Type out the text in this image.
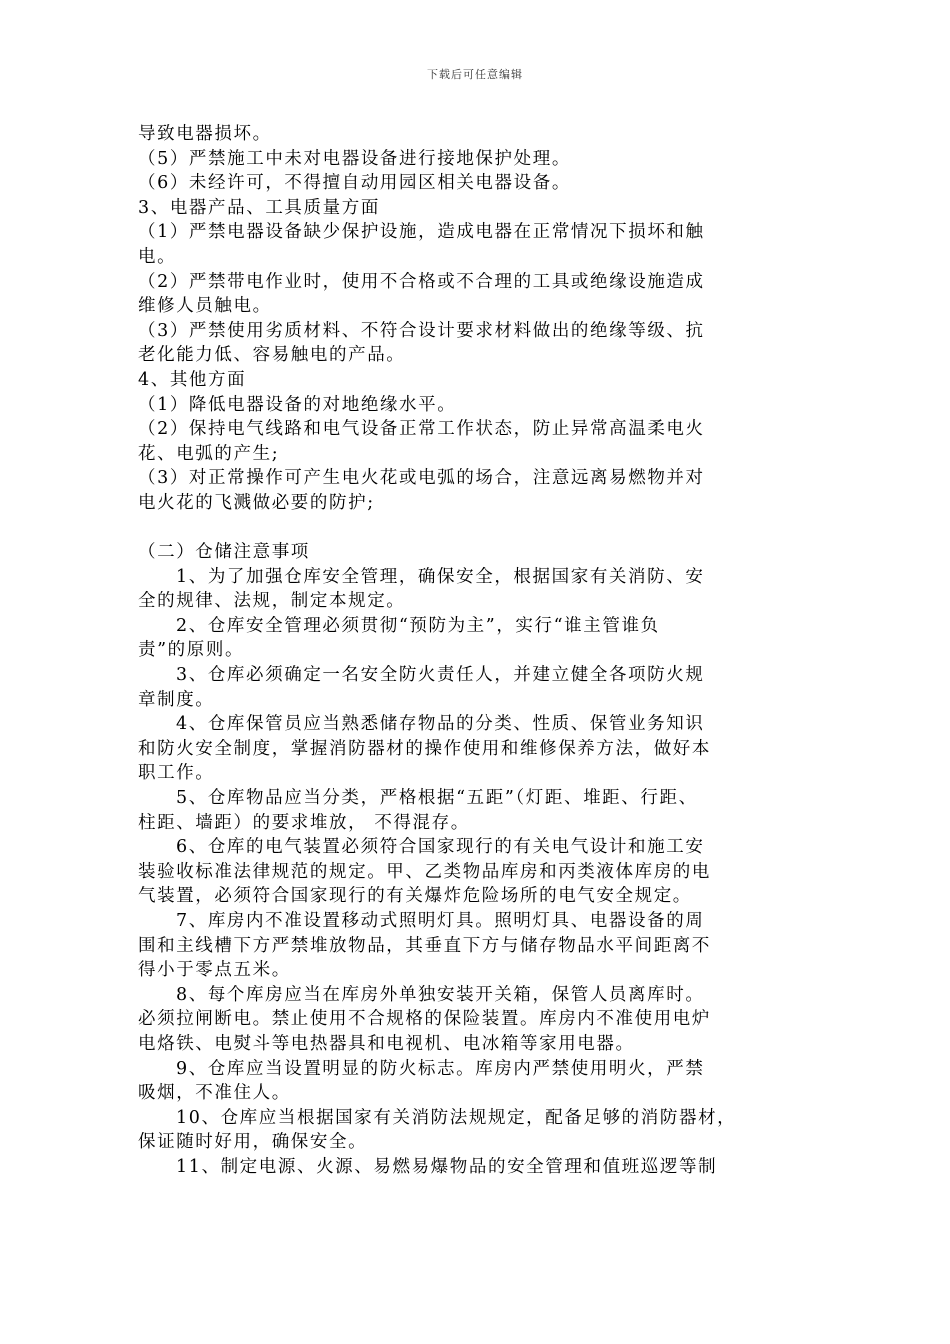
下载后可任意编辑
导致电器损坏。
（5）严禁施工中未对电器设备进行接地保护处理。
（6）未经许可，不得擅自动用园区相关电器设备。
3、电器产品、工具质量方面
（1）严禁电器设备缺少保护设施，造成电器在正常情况下损坏和触
电。
（2）严禁带电作业时，使用不合格或不合理的工具或绝缘设施造成
维修人员触电。
（3）严禁使用劣质材料、不符合设计要求材料做出的绝缘等级、抗
老化能力低、容易触电的产品。
4、其他方面
（1）降低电器设备的对地绝缘水平。
（2）保持电气线路和电气设备正常工作状态，防止异常高温柔电火
花、电弧的产生;
（3）对正常操作可产生电火花或电弧的场合，注意远离易燃物并对
电火花的飞溅做必要的防护;
（二）仓储注意事项
1、为了加强仓库安全管理，确保安全，根据国家有关消防、安
全的规律、法规，制定本规定。
2、仓库安全管理必须贯彻“预防为主”，实行“谁主管谁负
责”的原则。
3、仓库必须确定一名安全防火责任人，并建立健全各项防火规
章制度。
4、仓库保管员应当熟悉储存物品的分类、性质、保管业务知识
和防火安全制度，掌握消防器材的操作使用和维修保养方法，做好本
职工作。
5、仓库物品应当分类，严格根据“五距”（灯距、堆距、行距、
柱距、墙距）的要求堆放， 不得混存。
6、仓库的电气装置必须符合国家现行的有关电气设计和施工安
装验收标准法律规范的规定。甲、乙类物品库房和丙类液体库房的电
气装置，必须符合国家现行的有关爆炸危险场所的电气安全规定。
7、库房内不准设置移动式照明灯具。照明灯具、电器设备的周
围和主线槽下方严禁堆放物品，其垂直下方与储存物品水平间距离不
得小于零点五米。
8、每个库房应当在库房外单独安装开关箱，保管人员离库时。
必须拉闸断电。禁止使用不合规格的保险装置。库房内不准使用电炉
电烙铁、电熨斗等电热器具和电视机、电冰箱等家用电器。
9、仓库应当设置明显的防火标志。库房内严禁使用明火，严禁
吸烟，不准住人。
10、仓库应当根据国家有关消防法规规定，配备足够的消防器材，
保证随时好用，确保安全。
11、制定电源、火源、易燃易爆物品的安全管理和值班巡逻等制
